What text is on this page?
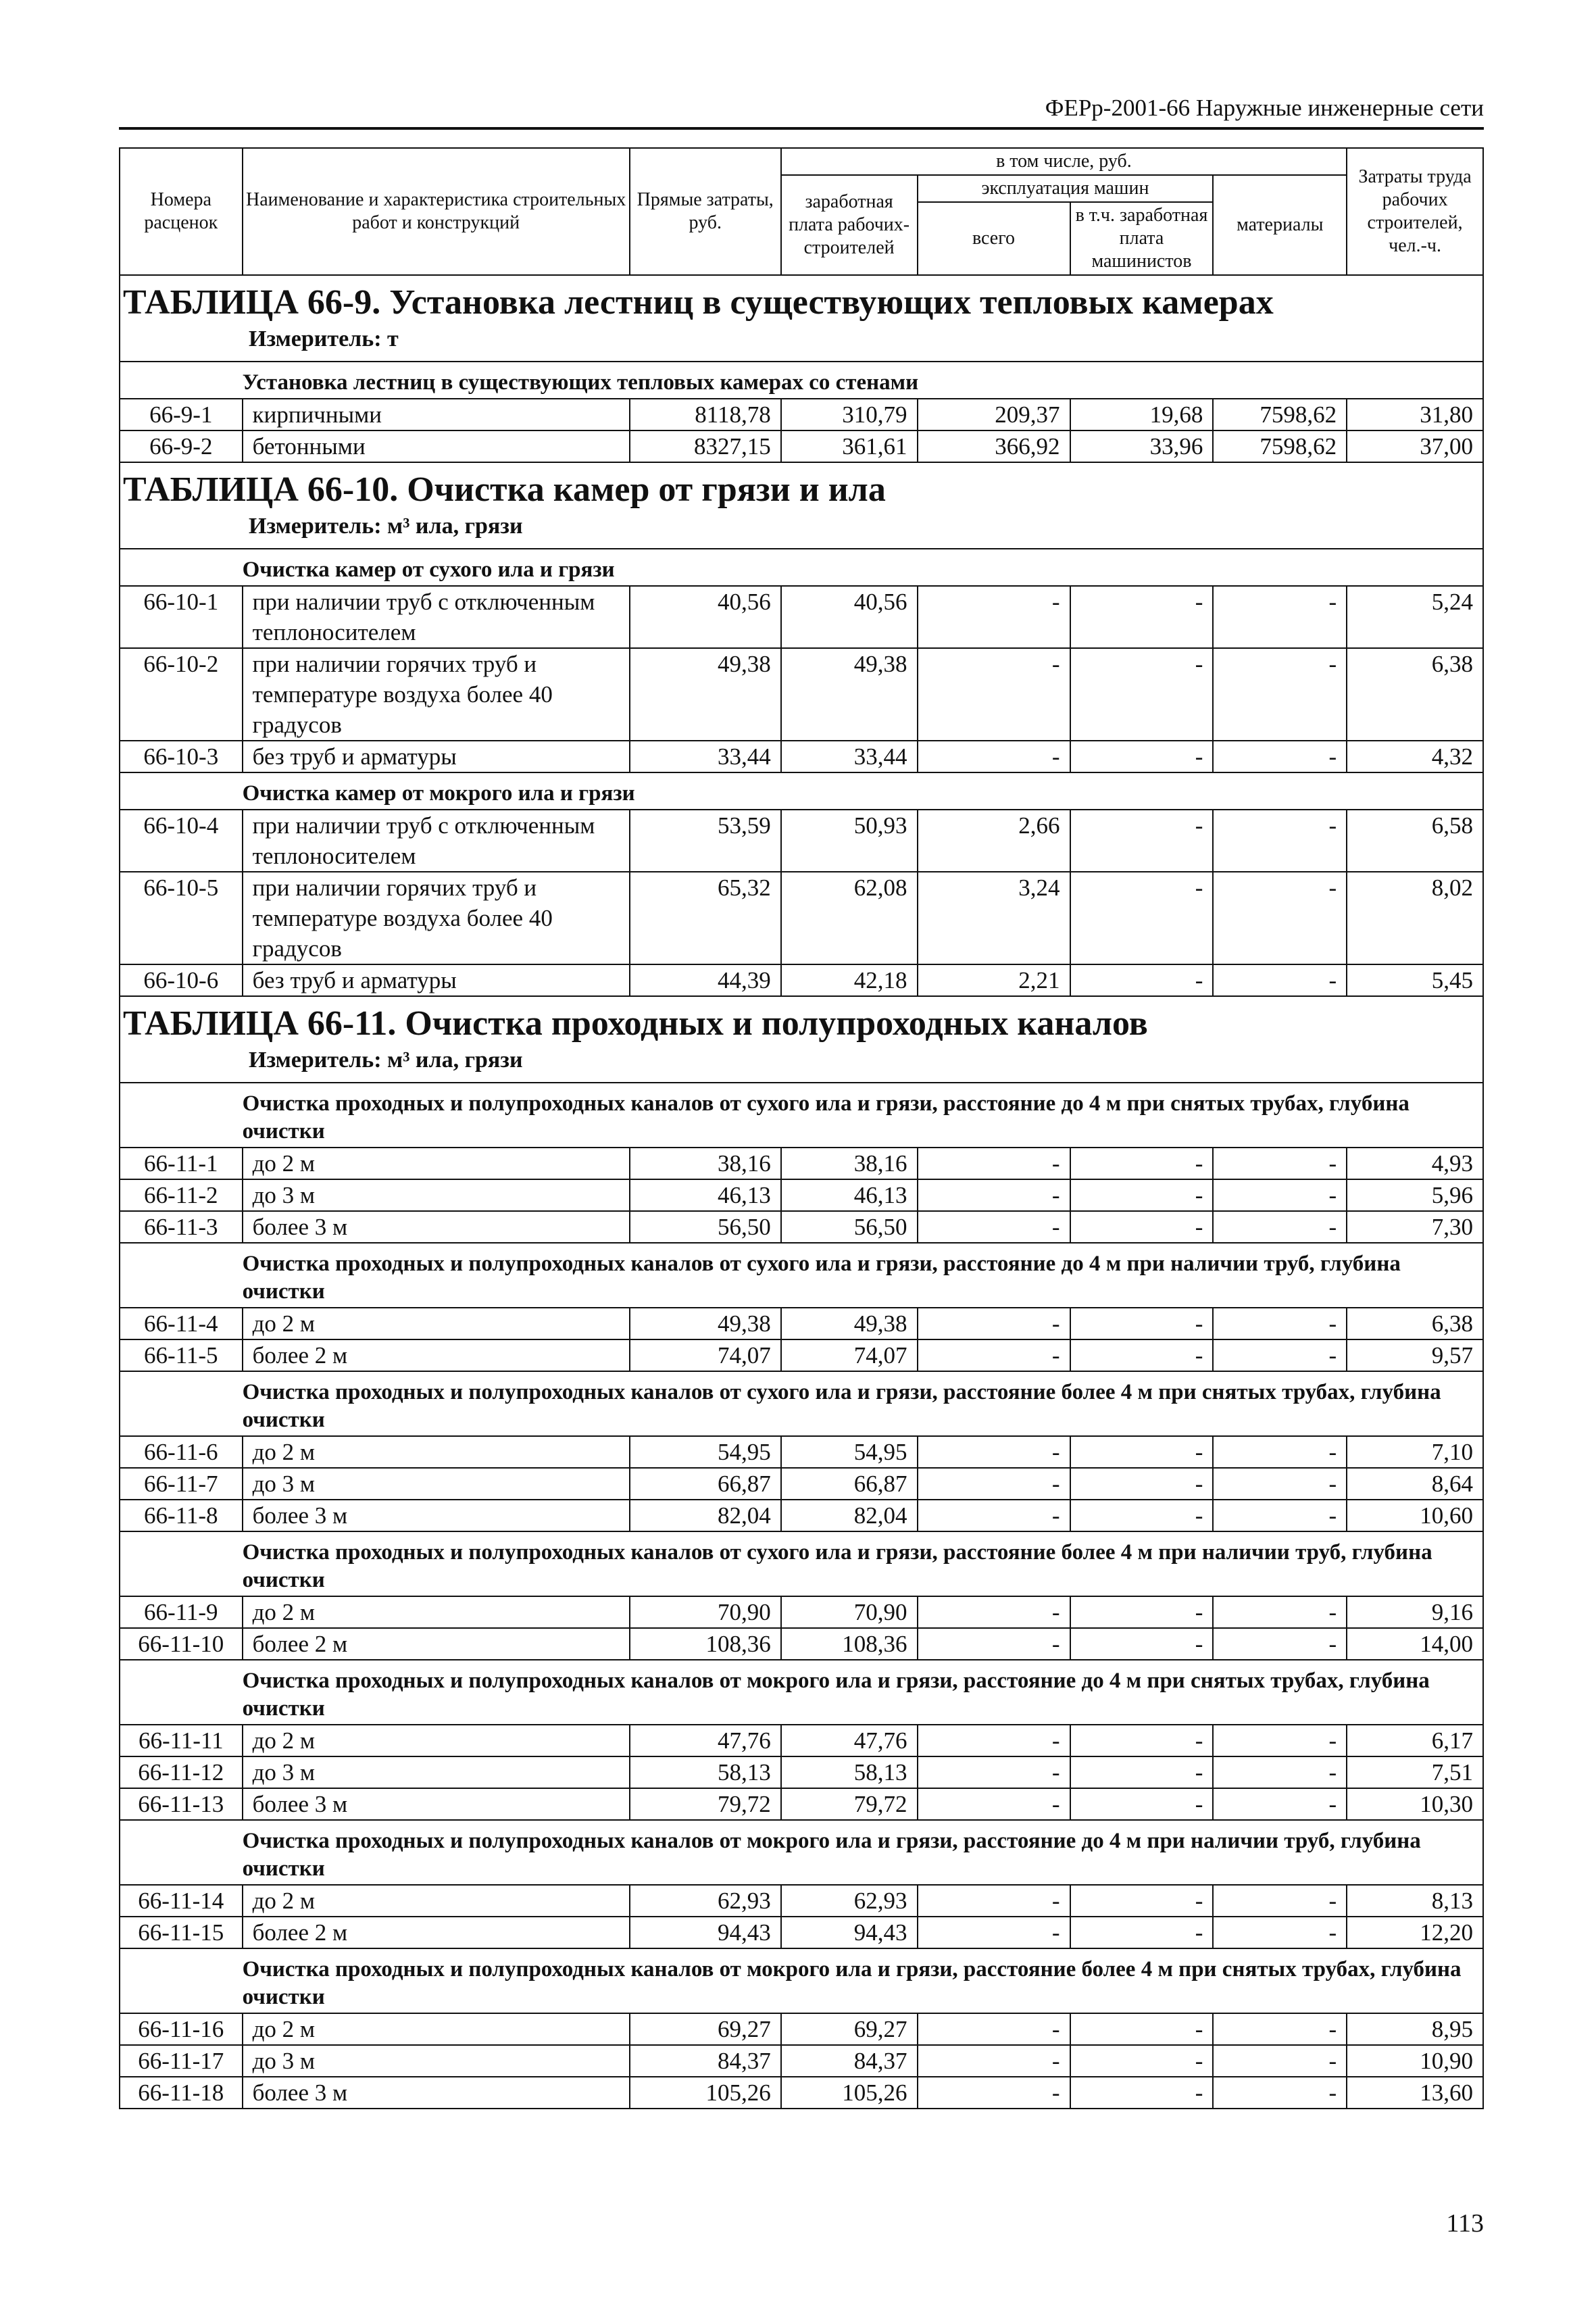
ФЕРр-2001-66 Наружные инженерные сети
Номера расценок	Наименование и характеристика строительных работ и конструкций	Прямые затраты, руб.	в том числе, руб.				Затраты труда рабочих строителей, чел.-ч.
			заработная плата рабочих-строителей	эксплуатация машин		материалы	
				всего	в т.ч. заработная плата машинистов		
ТАБЛИЦА 66-9. Установка лестниц в существующих тепловых камерах							
Измеритель: т							
	Установка лестниц в существующих тепловых камерах со стенами						
66-9-1	кирпичными	8118,78	310,79	209,37	19,68	7598,62	31,80
66-9-2	бетонными	8327,15	361,61	366,92	33,96	7598,62	37,00
ТАБЛИЦА 66-10. Очистка камер от грязи и ила							
Измеритель: м³ ила, грязи							
	Очистка камер от сухого ила и грязи						
66-10-1	при наличии труб с отключенным теплоносителем	40,56	40,56	-	-	-	5,24
66-10-2	при наличии горячих труб и температуре воздуха более 40 градусов	49,38	49,38	-	-	-	6,38
66-10-3	без труб и арматуры	33,44	33,44	-	-	-	4,32
	Очистка камер от мокрого ила и грязи						
66-10-4	при наличии труб с отключенным теплоносителем	53,59	50,93	2,66	-	-	6,58
66-10-5	при наличии горячих труб и температуре воздуха более 40 градусов	65,32	62,08	3,24	-	-	8,02
66-10-6	без труб и арматуры	44,39	42,18	2,21	-	-	5,45
ТАБЛИЦА 66-11. Очистка проходных и полупроходных каналов							
Измеритель: м³ ила, грязи							
	Очистка проходных и полупроходных каналов от сухого ила и грязи, расстояние до 4 м при снятых трубах, глубина очистки						
66-11-1	до 2 м	38,16	38,16	-	-	-	4,93
66-11-2	до 3 м	46,13	46,13	-	-	-	5,96
66-11-3	более 3 м	56,50	56,50	-	-	-	7,30
	Очистка проходных и полупроходных каналов от сухого ила и грязи, расстояние до 4 м при наличии труб, глубина очистки						
66-11-4	до 2 м	49,38	49,38	-	-	-	6,38
66-11-5	более 2 м	74,07	74,07	-	-	-	9,57
	Очистка проходных и полупроходных каналов от сухого ила и грязи, расстояние более 4 м при снятых трубах, глубина очистки						
66-11-6	до 2 м	54,95	54,95	-	-	-	7,10
66-11-7	до 3 м	66,87	66,87	-	-	-	8,64
66-11-8	более 3 м	82,04	82,04	-	-	-	10,60
	Очистка проходных и полупроходных каналов от сухого ила и грязи, расстояние более 4 м при наличии труб, глубина очистки						
66-11-9	до 2 м	70,90	70,90	-	-	-	9,16
66-11-10	более 2 м	108,36	108,36	-	-	-	14,00
	Очистка проходных и полупроходных каналов от мокрого ила и грязи, расстояние до 4 м при снятых трубах, глубина очистки						
66-11-11	до 2 м	47,76	47,76	-	-	-	6,17
66-11-12	до 3 м	58,13	58,13	-	-	-	7,51
66-11-13	более 3 м	79,72	79,72	-	-	-	10,30
	Очистка проходных и полупроходных каналов от мокрого ила и грязи, расстояние до 4 м при наличии труб, глубина очистки						
66-11-14	до 2 м	62,93	62,93	-	-	-	8,13
66-11-15	более 2 м	94,43	94,43	-	-	-	12,20
	Очистка проходных и полупроходных каналов от мокрого ила и грязи, расстояние более 4 м при снятых трубах, глубина очистки						
66-11-16	до 2 м	69,27	69,27	-	-	-	8,95
66-11-17	до 3 м	84,37	84,37	-	-	-	10,90
66-11-18	более 3 м	105,26	105,26	-	-	-	13,60
113
